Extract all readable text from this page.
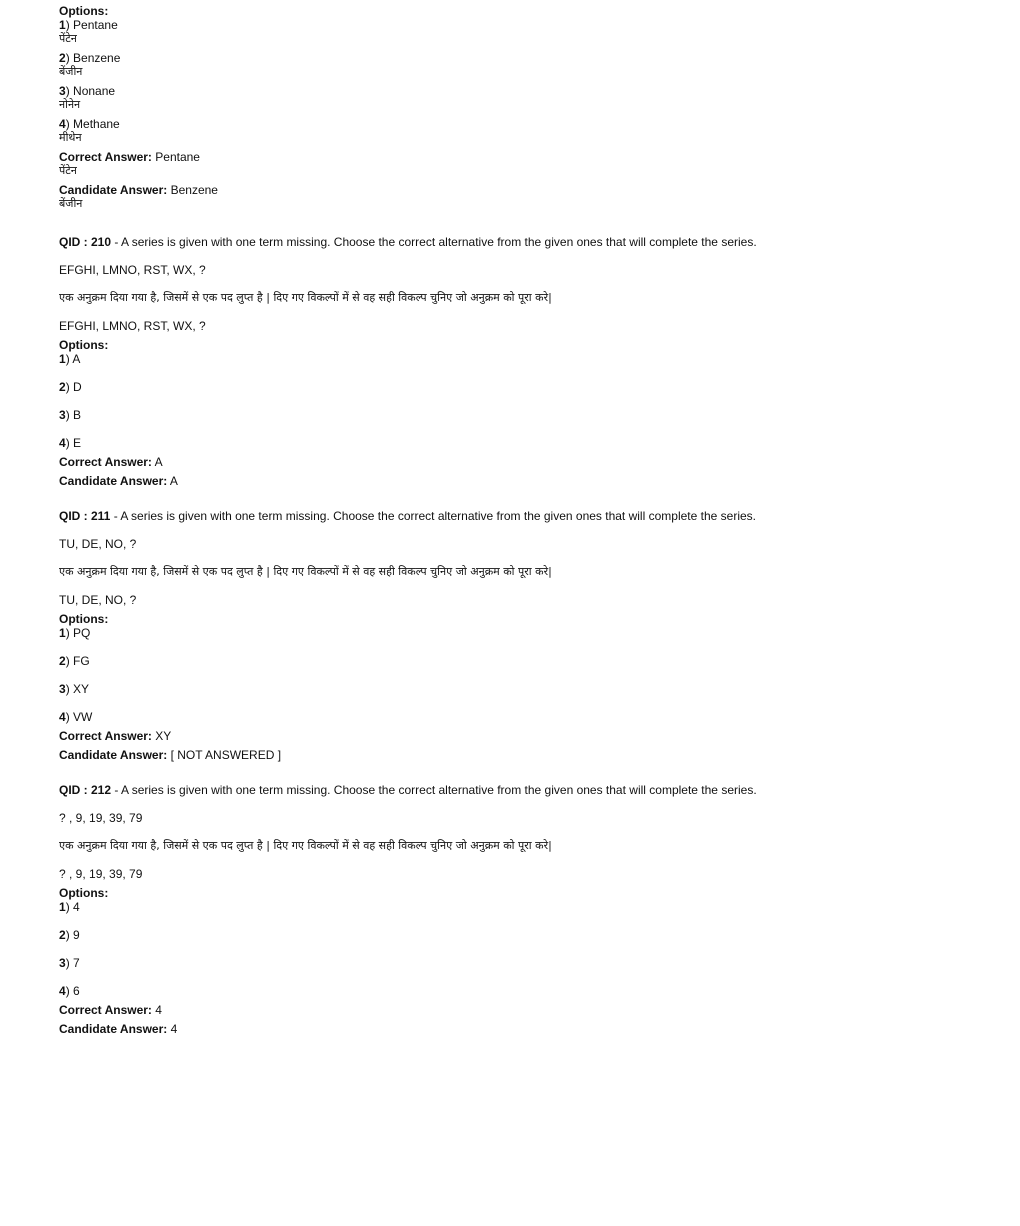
Options:
1) Pentane
पेंटेन
2) Benzene
बेंजीन
3) Nonane
नोनेन
4) Methane
मीथेन
Correct Answer: Pentane
पेंटेन
Candidate Answer: Benzene
बेंजीन
QID : 210 - A series is given with one term missing. Choose the correct alternative from the given ones that will complete the series.
EFGHI, LMNO, RST, WX, ?
एक अनुक्रम दिया गया है, जिसमें से एक पद लुप्त है | दिए गए विकल्पों में से वह सही विकल्प चुनिए जो अनुक्रम को पूरा करे|
EFGHI, LMNO, RST, WX, ?
Options:
1) A
2) D
3) B
4) E
Correct Answer: A
Candidate Answer: A
QID : 211 - A series is given with one term missing. Choose the correct alternative from the given ones that will complete the series.
TU, DE, NO, ?
एक अनुक्रम दिया गया है, जिसमें से एक पद लुप्त है | दिए गए विकल्पों में से वह सही विकल्प चुनिए जो अनुक्रम को पूरा करे|
TU, DE, NO, ?
Options:
1) PQ
2) FG
3) XY
4) VW
Correct Answer: XY
Candidate Answer: [ NOT ANSWERED ]
QID : 212 - A series is given with one term missing. Choose the correct alternative from the given ones that will complete the series.
? , 9, 19, 39, 79
एक अनुक्रम दिया गया है, जिसमें से एक पद लुप्त है | दिए गए विकल्पों में से वह सही विकल्प चुनिए जो अनुक्रम को पूरा करे|
? , 9, 19, 39, 79
Options:
1) 4
2) 9
3) 7
4) 6
Correct Answer: 4
Candidate Answer: 4
